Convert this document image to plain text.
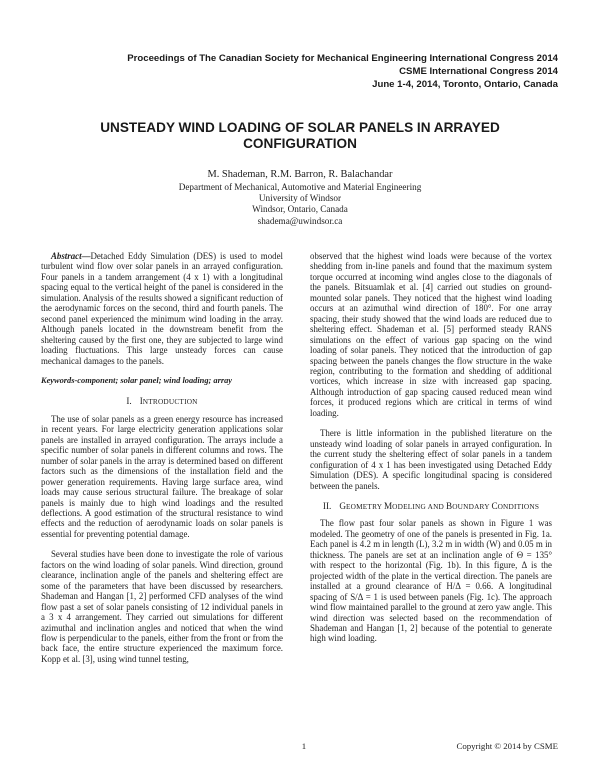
Proceedings of The Canadian Society for Mechanical Engineering International Congress 2014
CSME International Congress 2014
June 1-4, 2014, Toronto, Ontario, Canada
UNSTEADY WIND LOADING OF SOLAR PANELS IN ARRAYED CONFIGURATION
M. Shademan, R.M. Barron, R. Balachandar
Department of Mechanical, Automotive and Material Engineering
University of Windsor
Windsor, Ontario, Canada
shadema@uwindsor.ca

Abstract—Detached Eddy Simulation (DES) is used to model turbulent wind flow over solar panels in an arrayed configuration. Four panels in a tandem arrangement (4 x 1) with a longitudinal spacing equal to the vertical height of the panel is considered in the simulation. Analysis of the results showed a significant reduction of the aerodynamic forces on the second, third and fourth panels. The second panel experienced the minimum wind loading in the array. Although panels located in the downstream benefit from the sheltering caused by the first one, they are subjected to large wind loading fluctuations. This large unsteady forces can cause mechanical damages to the panels.

Keywords-component; solar panel; wind loading; array

I. INTRODUCTION

The use of solar panels as a green energy resource has increased in recent years. For large electricity generation applications solar panels are installed in arrayed configuration. The arrays include a specific number of solar panels in different columns and rows. The number of solar panels in the array is determined based on different factors such as the dimensions of the installation field and the power generation requirements. Having large surface area, wind loads may cause serious structural failure. The breakage of solar panels is mainly due to high wind loadings and the resulted deflections. A good estimation of the structural resistance to wind effects and the reduction of aerodynamic loads on solar panels is essential for preventing potential damage.

Several studies have been done to investigate the role of various factors on the wind loading of solar panels. Wind direction, ground clearance, inclination angle of the panels and sheltering effect are some of the parameters that have been discussed by researchers. Shademan and Hangan [1, 2] performed CFD analyses of the wind flow past a set of solar panels consisting of 12 individual panels in a 3 x 4 arrangement. They carried out simulations for different azimuthal and inclination angles and noticed that when the wind flow is perpendicular to the panels, either from the front or from the back face, the entire structure experienced the maximum force. Kopp et al. [3], using wind tunnel testing,

observed that the highest wind loads were because of the vortex shedding from in-line panels and found that the maximum system torque occurred at incoming wind angles close to the diagonals of the panels. Bitsuamlak et al. [4] carried out studies on ground-mounted solar panels. They noticed that the highest wind loading occurs at an azimuthal wind direction of 180°. For one array spacing, their study showed that the wind loads are reduced due to sheltering effect. Shademan et al. [5] performed steady RANS simulations on the effect of various gap spacing on the wind loading of solar panels. They noticed that the introduction of gap spacing between the panels changes the flow structure in the wake region, contributing to the formation and shedding of additional vortices, which increase in size with increased gap spacing. Although introduction of gap spacing caused reduced mean wind forces, it produced regions which are critical in terms of wind loading.

There is little information in the published literature on the unsteady wind loading of solar panels in arrayed configuration. In the current study the sheltering effect of solar panels in a tandem configuration of 4 x 1 has been investigated using Detached Eddy Simulation (DES). A specific longitudinal spacing is considered between the panels.

II. GEOMETRY MODELING AND BOUNDARY CONDITIONS

The flow past four solar panels as shown in Figure 1 was modeled. The geometry of one of the panels is presented in Fig. 1a. Each panel is 4.2 m in length (L), 3.2 m in width (W) and 0.05 m in thickness. The panels are set at an inclination angle of Θ = 135° with respect to the horizontal (Fig. 1b). In this figure, Δ is the projected width of the plate in the vertical direction. The panels are installed at a ground clearance of H/Δ = 0.66. A longitudinal spacing of S/Δ = 1 is used between panels (Fig. 1c). The approach wind flow maintained parallel to the ground at zero yaw angle. This wind direction was selected based on the recommendation of Shademan and Hangan [1, 2] because of the potential to generate high wind loading.

1	Copyright © 2014 by CSME
